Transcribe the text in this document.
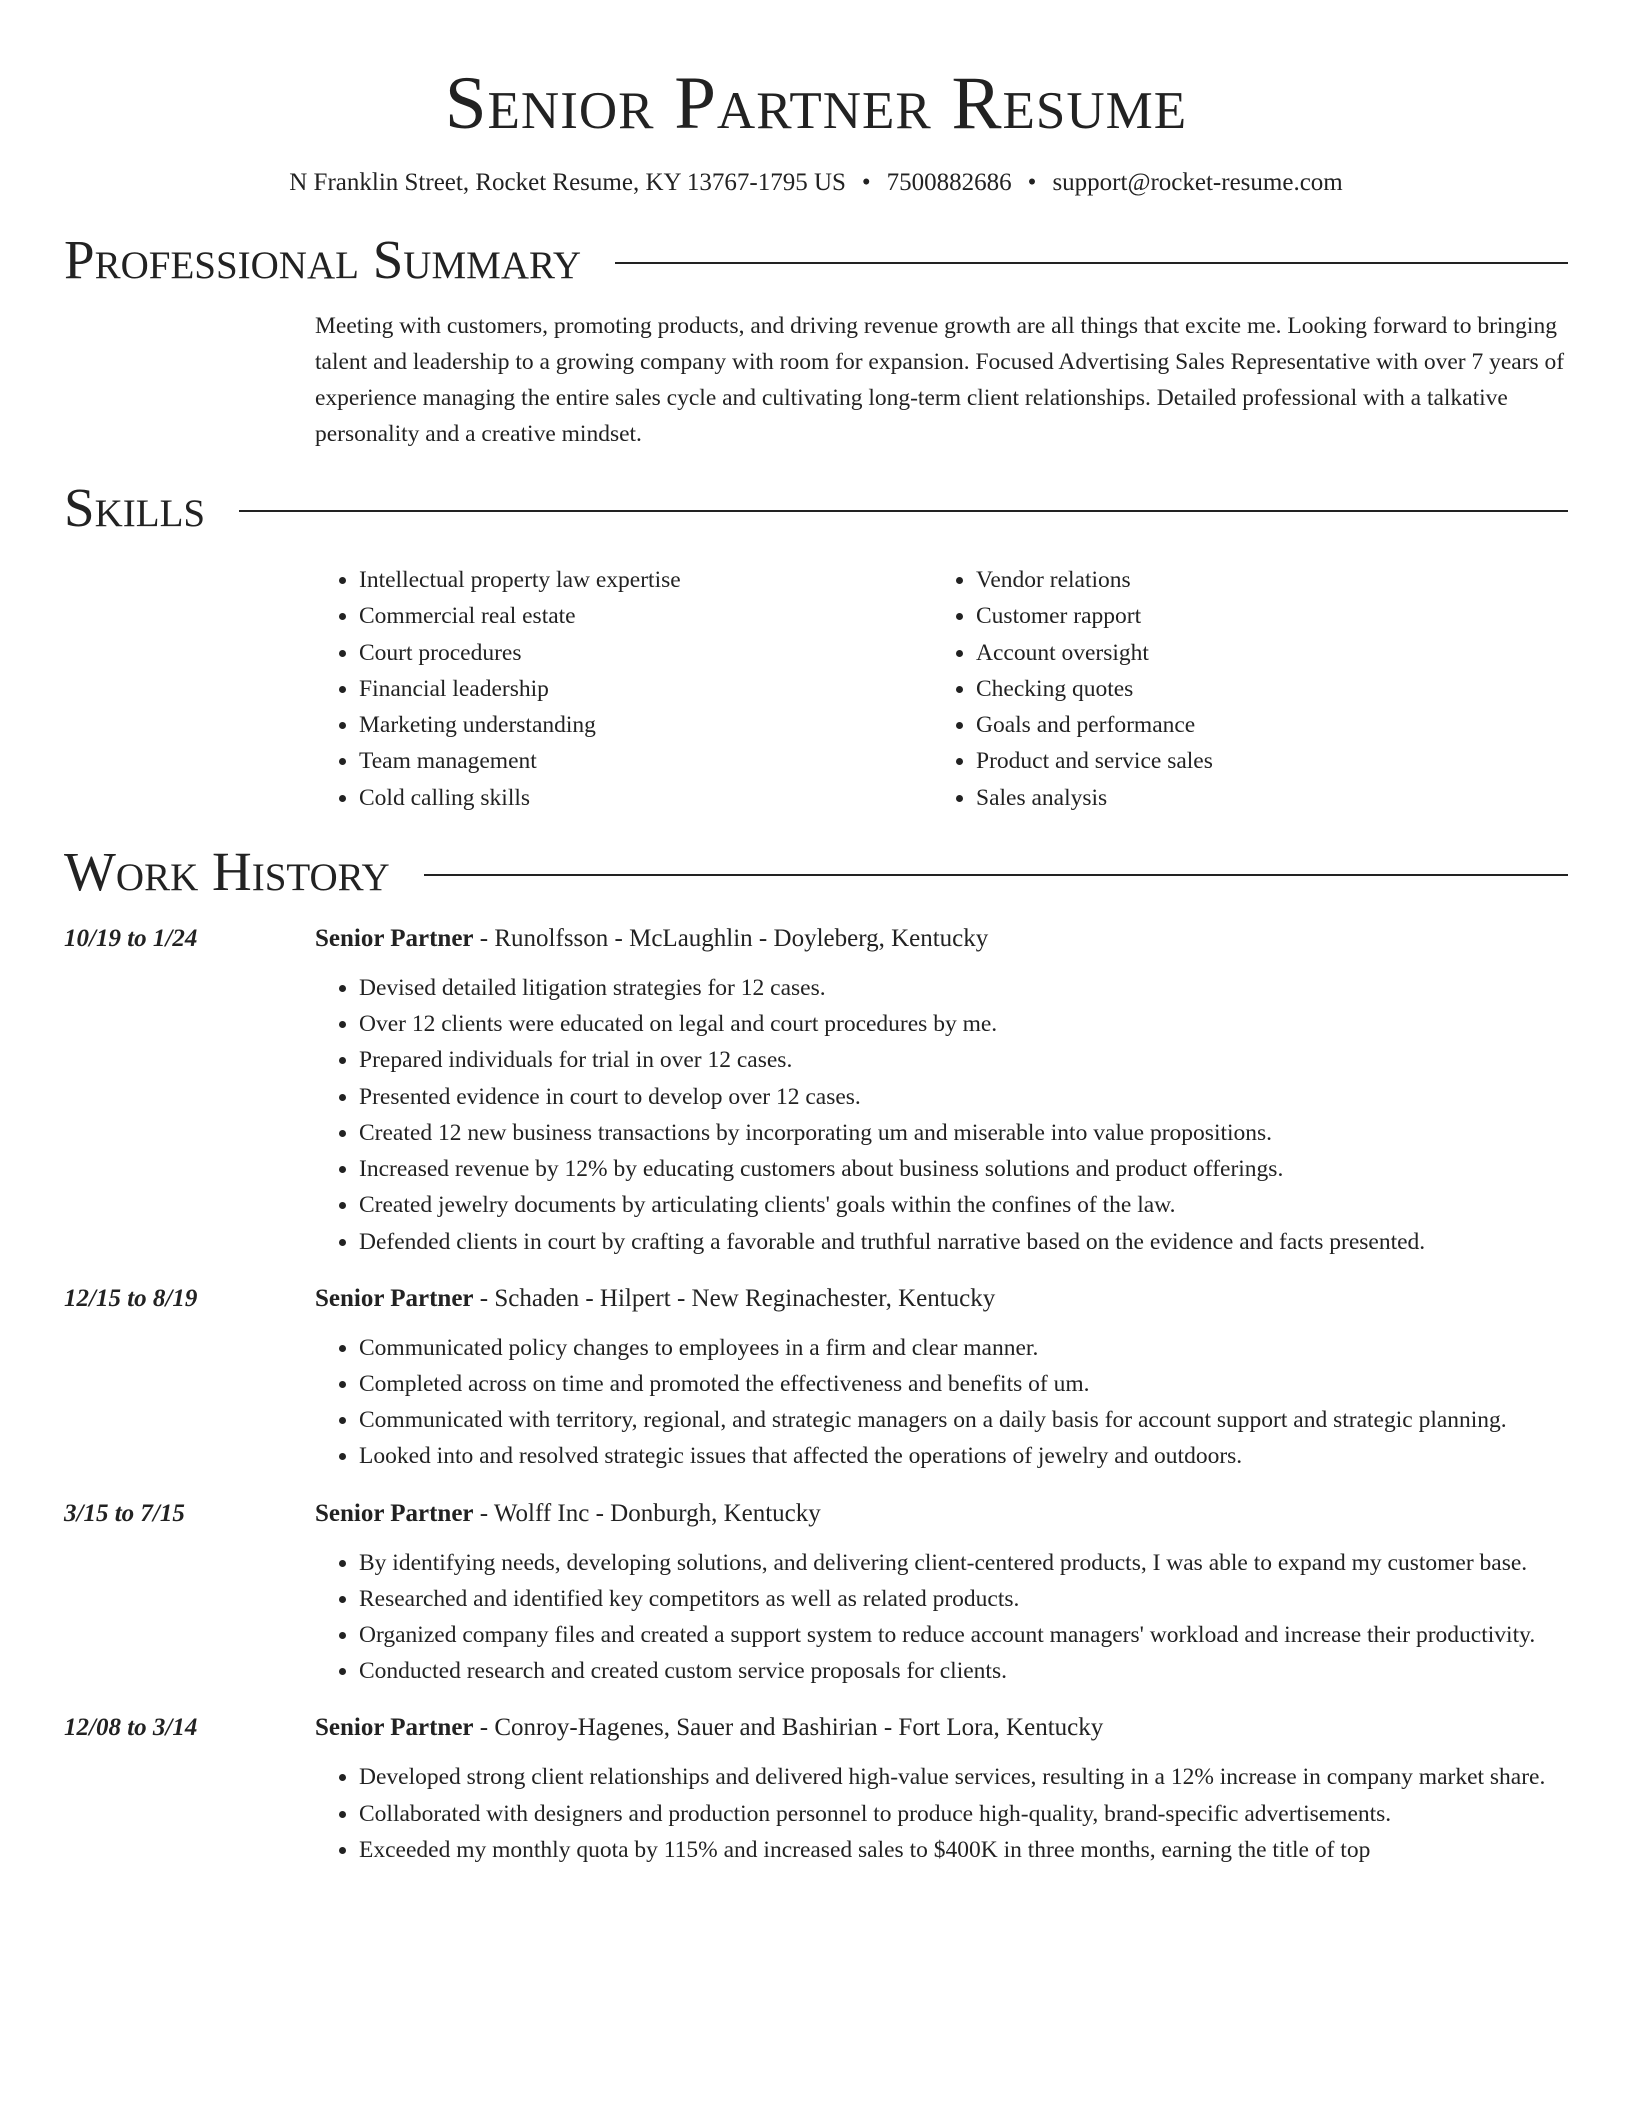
Senior Partner Resume
N Franklin Street, Rocket Resume, KY 13767-1795 US • 7500882686 • support@rocket-resume.com
Professional Summary
Meeting with customers, promoting products, and driving revenue growth are all things that excite me. Looking forward to bringing talent and leadership to a growing company with room for expansion. Focused Advertising Sales Representative with over 7 years of experience managing the entire sales cycle and cultivating long-term client relationships. Detailed professional with a talkative personality and a creative mindset.
Skills
• Intellectual property law expertise
• Commercial real estate
• Court procedures
• Financial leadership
• Marketing understanding
• Team management
• Cold calling skills
• Vendor relations
• Customer rapport
• Account oversight
• Checking quotes
• Goals and performance
• Product and service sales
• Sales analysis
Work History
10/19 to 1/24	Senior Partner - Runolfsson - McLaughlin - Doyleberg, Kentucky
• Devised detailed litigation strategies for 12 cases.
• Over 12 clients were educated on legal and court procedures by me.
• Prepared individuals for trial in over 12 cases.
• Presented evidence in court to develop over 12 cases.
• Created 12 new business transactions by incorporating um and miserable into value propositions.
• Increased revenue by 12% by educating customers about business solutions and product offerings.
• Created jewelry documents by articulating clients' goals within the confines of the law.
• Defended clients in court by crafting a favorable and truthful narrative based on the evidence and facts presented.
12/15 to 8/19	Senior Partner - Schaden - Hilpert - New Reginachester, Kentucky
• Communicated policy changes to employees in a firm and clear manner.
• Completed across on time and promoted the effectiveness and benefits of um.
• Communicated with territory, regional, and strategic managers on a daily basis for account support and strategic planning.
• Looked into and resolved strategic issues that affected the operations of jewelry and outdoors.
3/15 to 7/15	Senior Partner - Wolff Inc - Donburgh, Kentucky
• By identifying needs, developing solutions, and delivering client-centered products, I was able to expand my customer base.
• Researched and identified key competitors as well as related products.
• Organized company files and created a support system to reduce account managers' workload and increase their productivity.
• Conducted research and created custom service proposals for clients.
12/08 to 3/14	Senior Partner - Conroy-Hagenes, Sauer and Bashirian - Fort Lora, Kentucky
• Developed strong client relationships and delivered high-value services, resulting in a 12% increase in company market share.
• Collaborated with designers and production personnel to produce high-quality, brand-specific advertisements.
• Exceeded my monthly quota by 115% and increased sales to $400K in three months, earning the title of top
